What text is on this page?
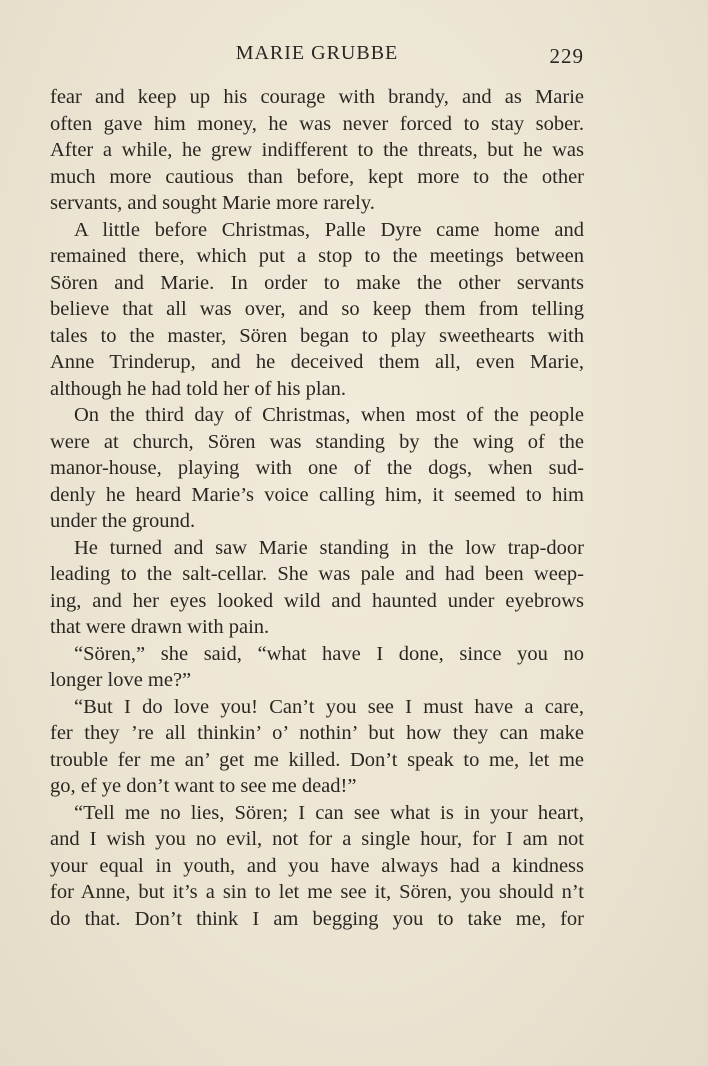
MARIE GRUBBE	229
fear and keep up his courage with brandy, and as Marie
often gave him money, he was never forced to stay sober.
After a while, he grew indifferent to the threats, but he was
much more cautious than before, kept more to the other
servants, and sought Marie more rarely.
A little before Christmas, Palle Dyre came home and
remained there, which put a stop to the meetings between
Sören and Marie. In order to make the other servants
believe that all was over, and so keep them from telling
tales to the master, Sören began to play sweethearts with
Anne Trinderup, and he deceived them all, even Marie,
although he had told her of his plan.
On the third day of Christmas, when most of the people
were at church, Sören was standing by the wing of the
manor-house, playing with one of the dogs, when sud-
denly he heard Marie’s voice calling him, it seemed to him
under the ground.
He turned and saw Marie standing in the low trap-door
leading to the salt-cellar. She was pale and had been weep-
ing, and her eyes looked wild and haunted under eyebrows
that were drawn with pain.
“Sören,” she said, “what have I done, since you no
longer love me?”
“But I do love you! Can’t you see I must have a care,
fer they ’re all thinkin’ o’ nothin’ but how they can make
trouble fer me an’ get me killed. Don’t speak to me, let me
go, ef ye don’t want to see me dead!”
“Tell me no lies, Sören; I can see what is in your heart,
and I wish you no evil, not for a single hour, for I am not
your equal in youth, and you have always had a kindness
for Anne, but it’s a sin to let me see it, Sören, you should n’t
do that. Don’t think I am begging you to take me, for
